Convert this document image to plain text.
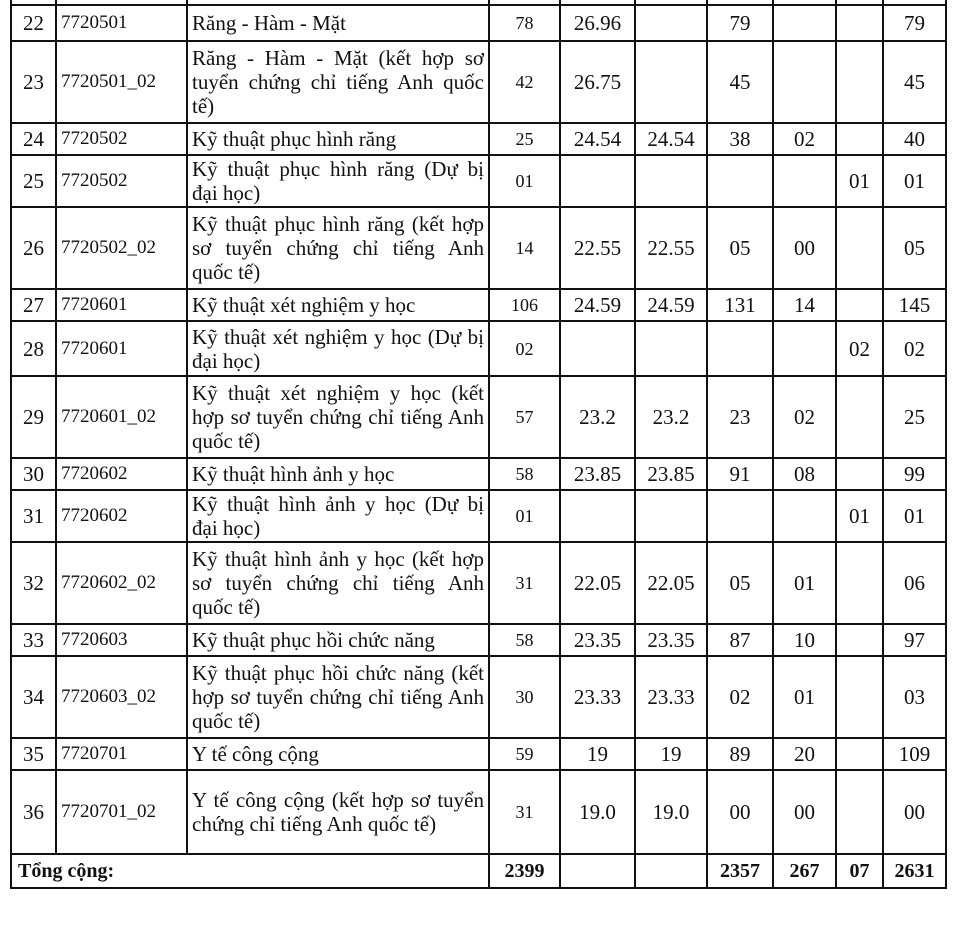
22	7720501	Răng - Hàm - Mặt	78	26.96		79			79
23	7720501_02	Răng - Hàm - Mặt (kết hợp sơ tuyển chứng chỉ tiếng Anh quốc tế)	42	26.75		45			45
24	7720502	Kỹ thuật phục hình răng	25	24.54	24.54	38	02		40
25	7720502	Kỹ thuật phục hình răng (Dự bị đại học)	01					01	01
26	7720502_02	Kỹ thuật phục hình răng (kết hợp sơ tuyển chứng chỉ tiếng Anh quốc tế)	14	22.55	22.55	05	00		05
27	7720601	Kỹ thuật xét nghiệm y học	106	24.59	24.59	131	14		145
28	7720601	Kỹ thuật xét nghiệm y học (Dự bị đại học)	02					02	02
29	7720601_02	Kỹ thuật xét nghiệm y học (kết hợp sơ tuyển chứng chỉ tiếng Anh quốc tế)	57	23.2	23.2	23	02		25
30	7720602	Kỹ thuật hình ảnh y học	58	23.85	23.85	91	08		99
31	7720602	Kỹ thuật hình ảnh y học (Dự bị đại học)	01					01	01
32	7720602_02	Kỹ thuật hình ảnh y học (kết hợp sơ tuyển chứng chỉ tiếng Anh quốc tế)	31	22.05	22.05	05	01		06
33	7720603	Kỹ thuật phục hồi chức năng	58	23.35	23.35	87	10		97
34	7720603_02	Kỹ thuật phục hồi chức năng (kết hợp sơ tuyển chứng chỉ tiếng Anh quốc tế)	30	23.33	23.33	02	01		03
35	7720701	Y tế công cộng	59	19	19	89	20		109
36	7720701_02	Y tế công cộng (kết hợp sơ tuyển chứng chỉ tiếng Anh quốc tế)	31	19.0	19.0	00	00		00
Tổng cộng:			2399			2357	267	07	2631
